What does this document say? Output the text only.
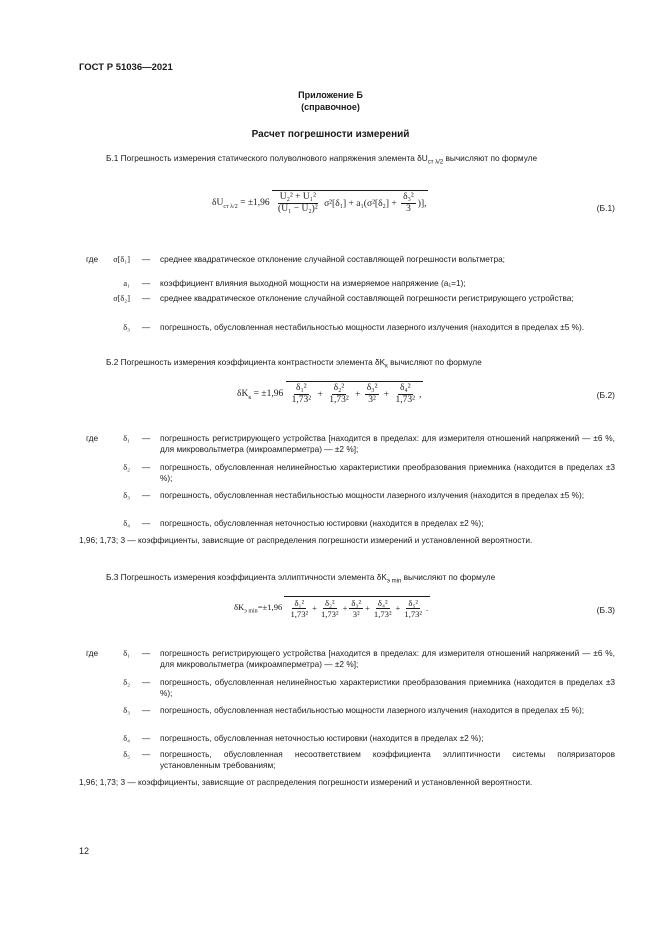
ГОСТ Р 51036—2021
Приложение Б
(справочное)
Расчет погрешности измерений
Б.1 Погрешность измерения статического полуволнового напряжения элемента $\delta U_{ст \lambda/2}$ вычисляют по формуле
$\delta U_{ст \lambda/2} = \pm 1,96 \frac{\text{U₂² + U₁²}}{\text{(U₁ − U₂)²}} \sigma^2[\delta_1] + a_1(\sigma^2[\delta_2] + \frac{\text{δ₃²}}{3}$ )],	(Б.1)
где	σ[δ₁]	—	среднее квадратическое отклонение случайной составляющей погрешности вольтметра;
a₁	—	коэффициент влияния выходной мощности на измеряемое напряжение (a₁=1);
σ[δ₂]	—	среднее квадратическое отклонение случайной составляющей погрешности регистрирующего устройства;
δ₃	—	погрешность, обусловленная нестабильностью мощности лазерного излучения (находится в пределах ±5 %).
Б.2 Погрешность измерения коэффициента контрастности элемента $\delta K_к$ вычисляют по формуле
$\delta K_к = \pm 1,96 \frac{\text{δ₁²}}{\text{1,73²}} + \frac{\text{δ₂²}}{\text{1,73²}} + \frac{\text{δ₃²}}{\text{3²}} + \frac{\text{δ₄²}}{\text{1,73²}}$ ,	(Б.2)
где	δ₁	—	погрешность регистрирующего устройства [находится в пределах: для измерителя отношений напряжений — ±6 %, для микровольтметра (микроамперметра) — ±2 %];
δ₂	—	погрешность, обусловленная нелинейностью характеристики преобразования приемника (находится в пределах ±3 %);
δ₃	—	погрешность, обусловленная нестабильностью мощности лазерного излучения (находится в пределах ±5 %);
δ₄	—	погрешность, обусловленная неточностью юстировки (находится в пределах ±2 %);
1,96; 1,73; 3 — коэффициенты, зависящие от распределения погрешности измерений и установленной вероятности.
Б.3 Погрешность измерения коэффициента эллиптичности элемента $\delta K_{э min}$ вычисляют по формуле
$\delta K_{э min}=\pm 1,96 \frac{\text{δ₁²}}{\text{1,73²}} + \frac{\text{δ₂²}}{\text{1,73²}} + \frac{\text{δ₃²}}{\text{3²}} + \frac{\text{δ₄²}}{\text{1,73²}} + \frac{\text{δ₅²}}{\text{1,73²}}$ .	(Б.3)
где	δ₁	—	погрешность регистрирующего устройства [находится в пределах: для измерителя отношений напряжений — ±6 %, для микровольтметра (микроамперметра) — ±2 %];
δ₂	—	погрешность, обусловленная нелинейностью характеристики преобразования приемника (находится в пределах ±3 %);
δ₃	—	погрешность, обусловленная нестабильностью мощности лазерного излучения (находится в пределах ±5 %);
δ₄	—	погрешность, обусловленная неточностью юстировки (находится в пределах ±2 %);
δ₅	—	погрешность, обусловленная несоответствием коэффициента эллиптичности системы поляризаторов установленным требованиям;
1,96; 1,73; 3 — коэффициенты, зависящие от распределения погрешности измерений и установленной вероятности.
12
